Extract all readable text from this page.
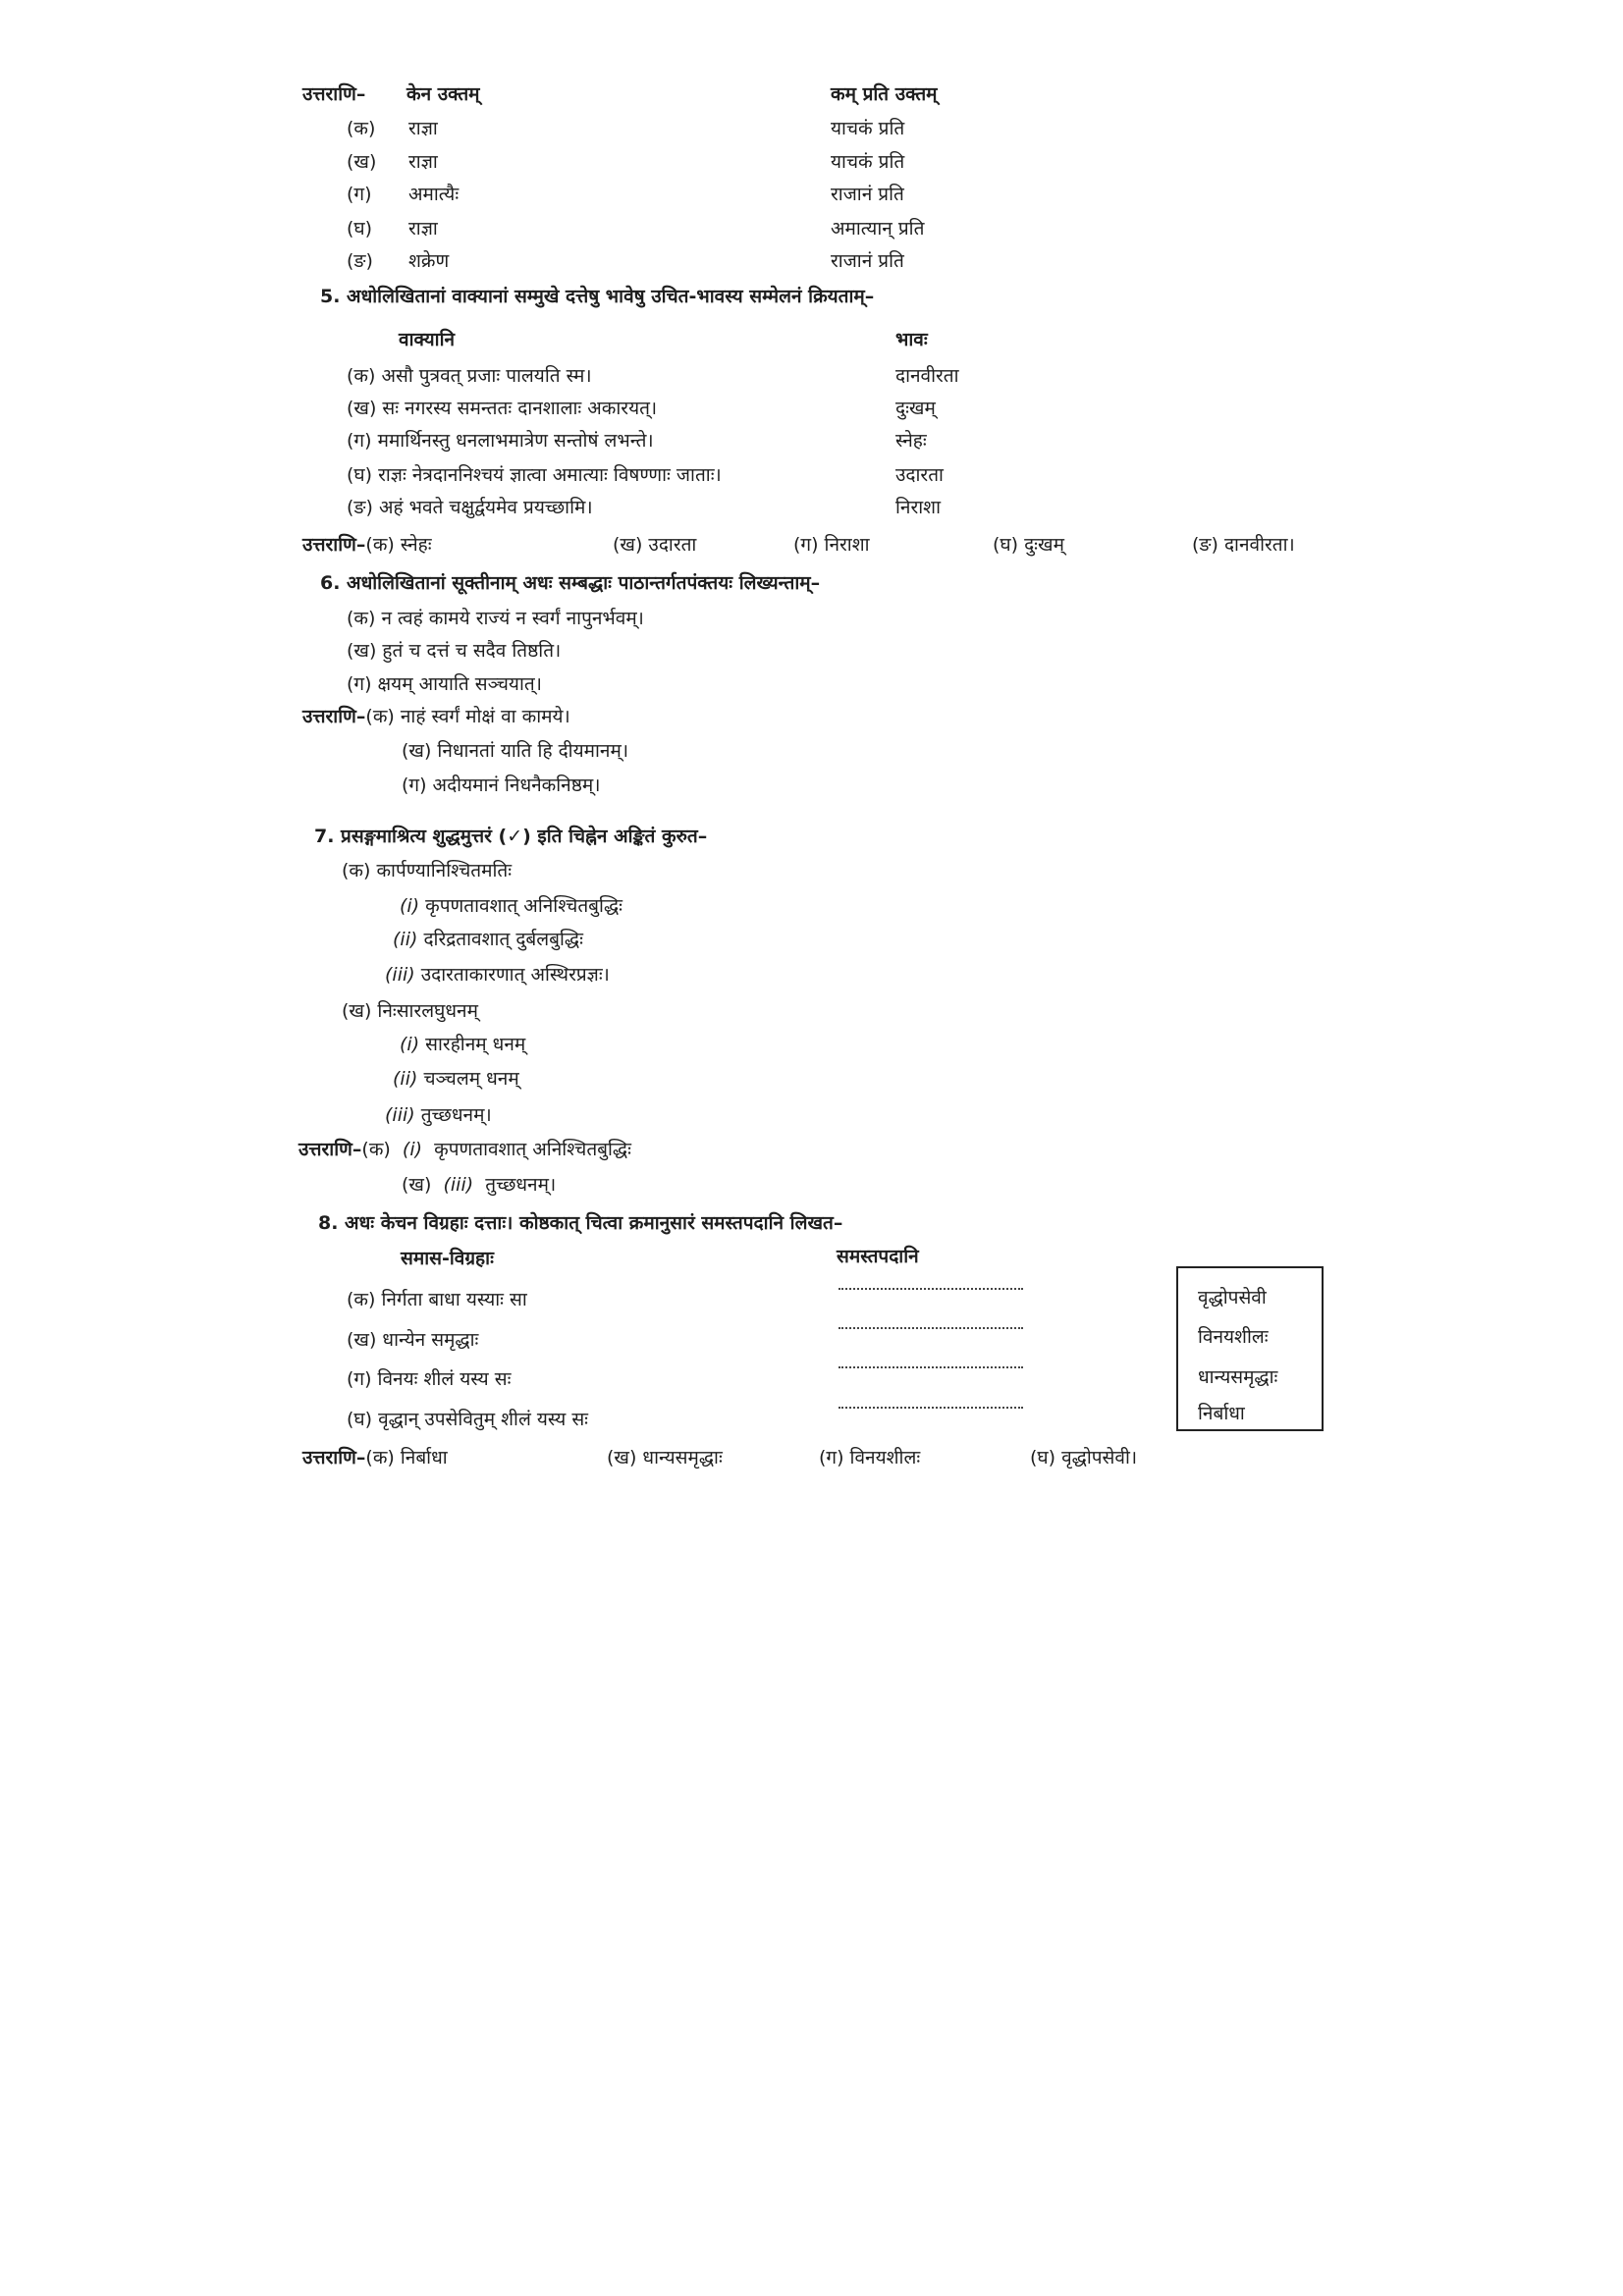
उत्तराणि– केन उक्तम्	कम् प्रति उक्तम्
(क) राज्ञा	याचकं प्रति
(ख) राज्ञा	याचकं प्रति
(ग) अमात्यैः	राजानं प्रति
(घ) राज्ञा	अमात्यान् प्रति
(ङ) शक्रेण	राजानं प्रति
5. अधोलिखितानां वाक्यानां सम्मुखे दत्तेषु भावेषु उचित-भावस्य सम्मेलनं क्रियताम्–
वाक्यानि	भावः
(क) असौ पुत्रवत् प्रजाः पालयति स्म।	दानवीरता
(ख) सः नगरस्य समन्ततः दानशालाः अकारयत्।	दुःखम्
(ग) ममार्थिनस्तु धनलाभमात्रेण सन्तोषं लभन्ते।	स्नेहः
(घ) राज्ञः नेत्रदाननिश्चयं ज्ञात्वा अमात्याः विषण्णाः जाताः।	उदारता
(ङ) अहं भवते चक्षुर्द्वयमेव प्रयच्छामि।	निराशा
उत्तराणि–(क) स्नेहः	(ख) उदारता	(ग) निराशा	(घ) दुःखम्	(ङ) दानवीरता।
6. अधोलिखितानां सूक्तीनाम् अधः सम्बद्धाः पाठान्तर्गतपंक्तयः लिख्यन्ताम्–
(क) न त्वहं कामये राज्यं न स्वर्गं नापुनर्भवम्।
(ख) हुतं च दत्तं च सदैव तिष्ठति।
(ग) क्षयम् आयाति सञ्चयात्।
उत्तराणि–(क) नाहं स्वर्गं मोक्षं वा कामये।
(ख) निधानतां याति हि दीयमानम्।
(ग) अदीयमानं निधनैकनिष्ठम्।
7. प्रसङ्गमाश्रित्य शुद्धमुत्तरं (✓) इति चिह्नेन अङ्कितं कुरुत–
(क) कार्पण्यानिश्चितमतिः
(i) कृपणतावशात् अनिश्चितबुद्धिः
(ii) दरिद्रतावशात् दुर्बलबुद्धिः
(iii) उदारताकारणात् अस्थिरप्रज्ञः।
(ख) निःसारलघुधनम्
(i) सारहीनम् धनम्
(ii) चञ्चलम् धनम्
(iii) तुच्छधनम्।
उत्तराणि–(क) (i) कृपणतावशात् अनिश्चितबुद्धिः
(ख) (iii) तुच्छधनम्।
8. अधः केचन विग्रहाः दत्ताः। कोष्ठकात् चित्वा क्रमानुसारं समस्तपदानि लिखत–
समास-विग्रहाः	समस्तपदानि
(क) निर्गता बाधा यस्याः सा
(ख) धान्येन समृद्धाः
(ग) विनयः शीलं यस्य सः
(घ) वृद्धान् उपसेवितुम् शीलं यस्य सः
वृद्धोपसेवी
विनयशीलः
धान्यसमृद्धाः
निर्बाधा
उत्तराणि–(क) निर्बाधा	(ख) धान्यसमृद्धाः	(ग) विनयशीलः	(घ) वृद्धोपसेवी।
